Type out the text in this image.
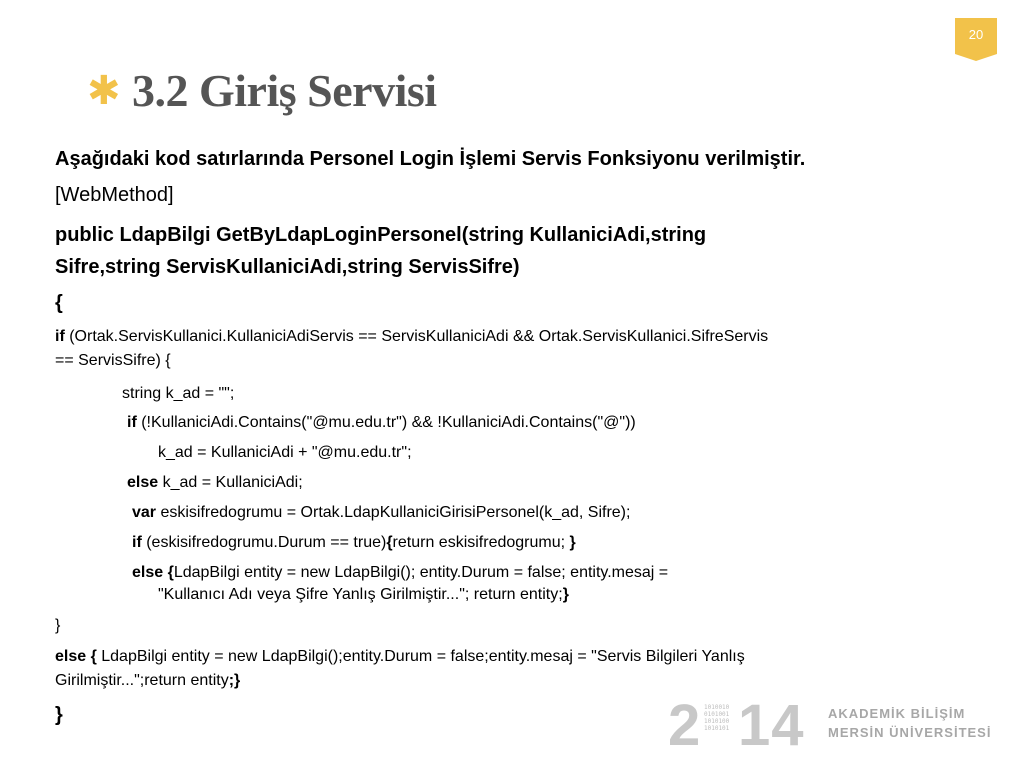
20
✱ 3.2 Giriş Servisi
Aşağıdaki kod satırlarında Personel Login İşlemi Servis Fonksiyonu verilmiştir.
[WebMethod]
public LdapBilgi GetByLdapLoginPersonel(string KullaniciAdi,string
Sifre,string ServisKullaniciAdi,string ServisSifre)
{
if (Ortak.ServisKullanici.KullaniciAdiServis == ServisKullaniciAdi && Ortak.ServisKullanici.SifreServis
== ServisSifre) {
string k_ad = "";
if (!KullaniciAdi.Contains("@mu.edu.tr") && !KullaniciAdi.Contains("@"))
k_ad = KullaniciAdi + "@mu.edu.tr";
else k_ad = KullaniciAdi;
var eskisifredogrumu = Ortak.LdapKullaniciGirisiPersonel(k_ad, Sifre);
if (eskisifredogrumu.Durum == true){return eskisifredogrumu; }
else {LdapBilgi entity = new LdapBilgi(); entity.Durum = false; entity.mesaj =
"Kullanıcı Adı veya Şifre Yanlış Girilmiştir..."; return entity;}
}
else { LdapBilgi entity = new LdapBilgi();entity.Durum = false;entity.mesaj = "Servis Bilgileri Yanlış
Girilmiştir...";return entity;}
}	2 1010010
0101001
1010100
1010101 14 AKADEMİK BİLİŞİM
MERSİN ÜNİVERSİTESİ
